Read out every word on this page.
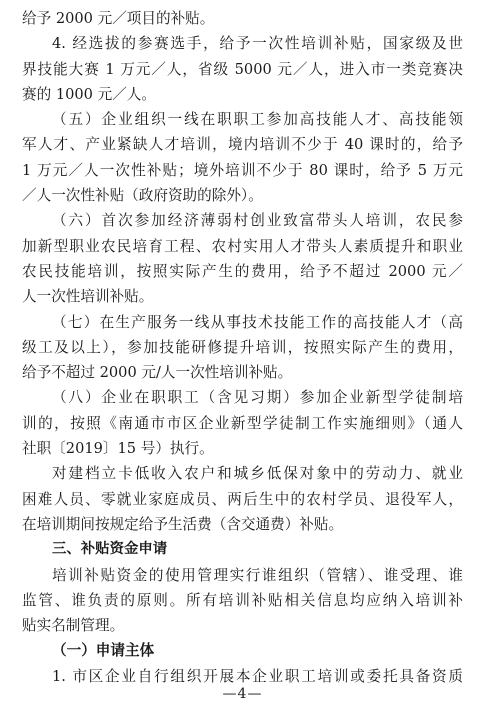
给予 2000 元／项目的补贴。
4. 经选拔的参赛选手，给予一次性培训补贴，国家级及世
界技能大赛 1 万元／人，省级 5000 元／人，进入市一类竞赛决
赛的 1000 元／人。
（五）企业组织一线在职职工参加高技能人才、高技能领
军人才、产业紧缺人才培训，境内培训不少于 40 课时的，给予
1 万元／人一次性补贴；境外培训不少于 80 课时，给予 5 万元
／人一次性补贴（政府资助的除外）。
（六）首次参加经济薄弱村创业致富带头人培训，农民参
加新型职业农民培育工程、农村实用人才带头人素质提升和职业
农民技能培训，按照实际产生的费用，给予不超过 2000 元／
人一次性培训补贴。
（七）在生产服务一线从事技术技能工作的高技能人才（高
级工及以上），参加技能研修提升培训，按照实际产生的费用，
给予不超过 2000 元/人一次性培训补贴。
（八）企业在职职工（含见习期）参加企业新型学徒制培
训的，按照《南通市市区企业新型学徒制工作实施细则》（通人
社职〔2019〕15 号）执行。
对建档立卡低收入农户和城乡低保对象中的劳动力、就业
困难人员、零就业家庭成员、两后生中的农村学员、退役军人，
在培训期间按规定给予生活费（含交通费）补贴。
三、补贴资金申请
培训补贴资金的使用管理实行谁组织（管辖）、谁受理、谁
监管、谁负责的原则。所有培训补贴相关信息均应纳入培训补
贴实名制管理。
（一）申请主体
1. 市区企业自行组织开展本企业职工培训或委托具备资质
—4—
